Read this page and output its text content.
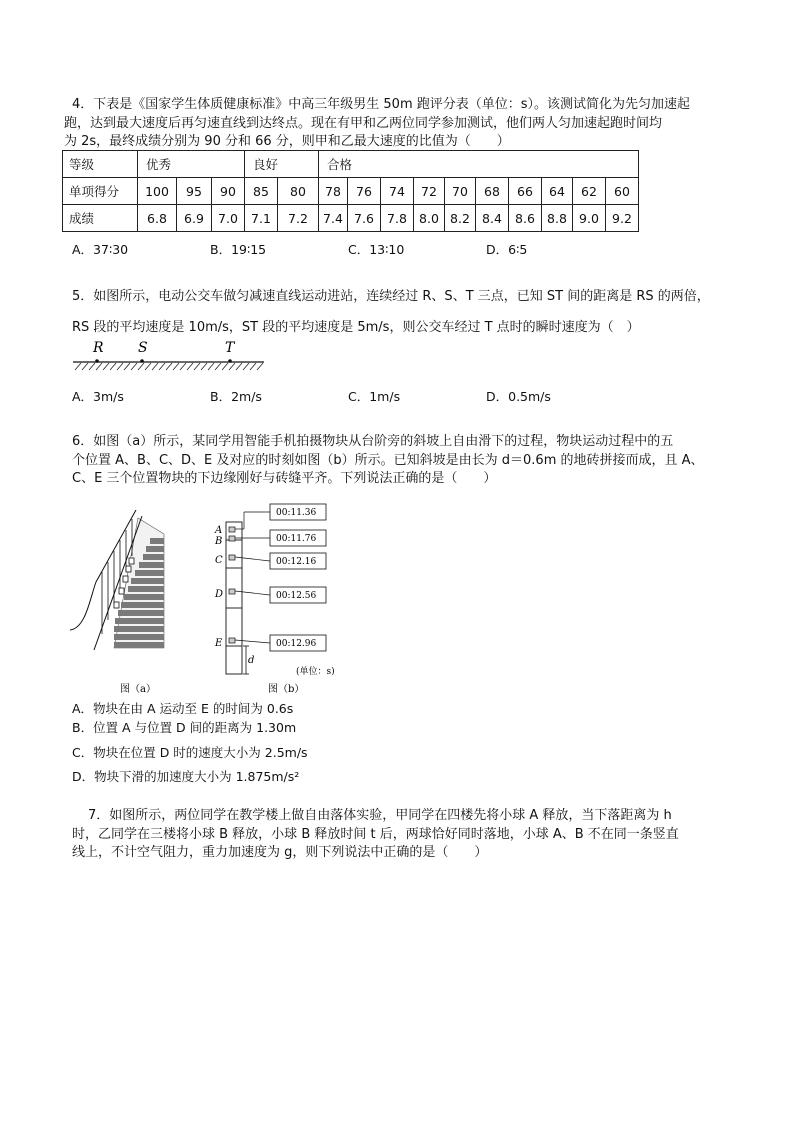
4．下表是《国家学生体质健康标准》中高三年级男生 50m 跑评分表（单位：s）。该测试简化为先匀加速起
跑，达到最大速度后再匀速直线到达终点。现在有甲和乙两位同学参加测试，他们两人匀加速起跑时间均
为 2s，最终成绩分别为 90 分和 66 分，则甲和乙最大速度的比值为（　　）
等级	优秀			良好		合格									
单项得分	100	95	90	85	80	78	76	74	72	70	68	66	64	62	60
成绩	6.8	6.9	7.0	7.1	7.2	7.4	7.6	7.8	8.0	8.2	8.4	8.6	8.8	9.0	9.2
A．37∶30	B．19∶15	C．13∶10	D．6∶5
5．如图所示，电动公交车做匀减速直线运动进站，连续经过 R、S、T 三点，已知 ST 间的距离是 RS 的两倍，
RS 段的平均速度是 10m/s，ST 段的平均速度是 5m/s，则公交车经过 T 点时的瞬时速度为（　）
R S	T
A．3m/s	B．2m/s	C．1m/s	D．0.5m/s
6．如图（a）所示，某同学用智能手机拍摄物块从台阶旁的斜坡上自由滑下的过程，物块运动过程中的五
个位置 A、B、C、D、E 及对应的时刻如图（b）所示。已知斜坡是由长为 d＝0.6m 的地砖拼接而成，且 A、
C、E 三个位置物块的下边缘刚好与砖缝平齐。下列说法正确的是（　　）
图（a）
A
B
C
D
E
00:11.36
00:11.76
00:12.16
00:12.56
00:12.96
d
(单位：s)
图（b）
A．物块在由 A 运动至 E 的时间为 0.6s
B．位置 A 与位置 D 间的距离为 1.30m
C．物块在位置 D 时的速度大小为 2.5m/s
D．物块下滑的加速度大小为 1.875m/s²
7．如图所示，两位同学在教学楼上做自由落体实验，甲同学在四楼先将小球 A 释放，当下落距离为 h
时，乙同学在三楼将小球 B 释放，小球 B 释放时间 t 后，两球恰好同时落地，小球 A、B 不在同一条竖直
线上，不计空气阻力，重力加速度为 g，则下列说法中正确的是（　　）
